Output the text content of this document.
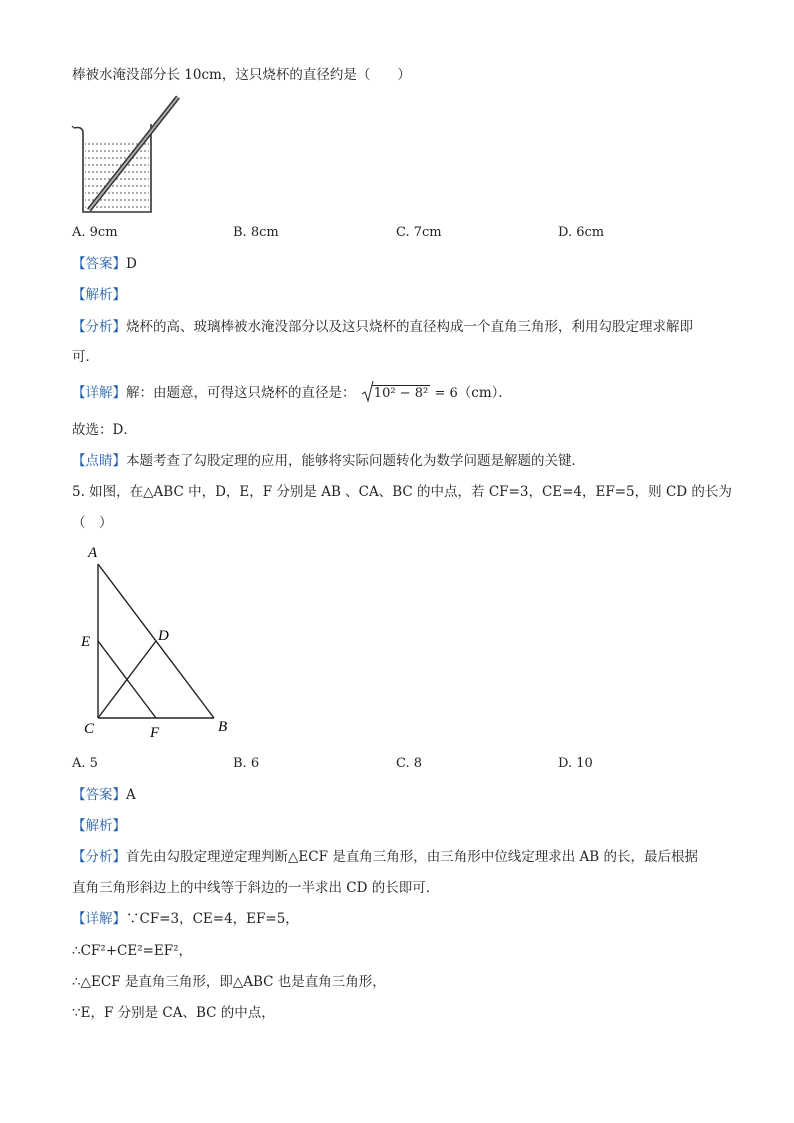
棒被水淹没部分长 10cm，这只烧杯的直径约是（　　）
A. 9cm	B. 8cm	C. 7cm	D. 6cm
【答案】D
【解析】
【分析】烧杯的高、玻璃棒被水淹没部分以及这只烧杯的直径构成一个直角三角形，利用勾股定理求解即
可．
【详解】解：由题意，可得这只烧杯的直径是： 10² − 8² = 6（cm）．
故选：D．
【点睛】本题考查了勾股定理的应用，能够将实际问题转化为数学问题是解题的关键．
5. 如图，在△ABC 中，D，E，F 分别是 AB 、CA、BC 的中点，若 CF=3，CE=4，EF=5，则 CD 的长为
（　）
A
E	D
C	F	B
A. 5	B. 6	C. 8	D. 10
【答案】A
【解析】
【分析】首先由勾股定理逆定理判断△ECF 是直角三角形，由三角形中位线定理求出 AB 的长，最后根据
直角三角形斜边上的中线等于斜边的一半求出 CD 的长即可．
【详解】∵CF=3，CE=4，EF=5，
∴CF²+CE²=EF²，
∴△ECF 是直角三角形，即△ABC 也是直角三角形，
∵E，F 分别是 CA、BC 的中点，
